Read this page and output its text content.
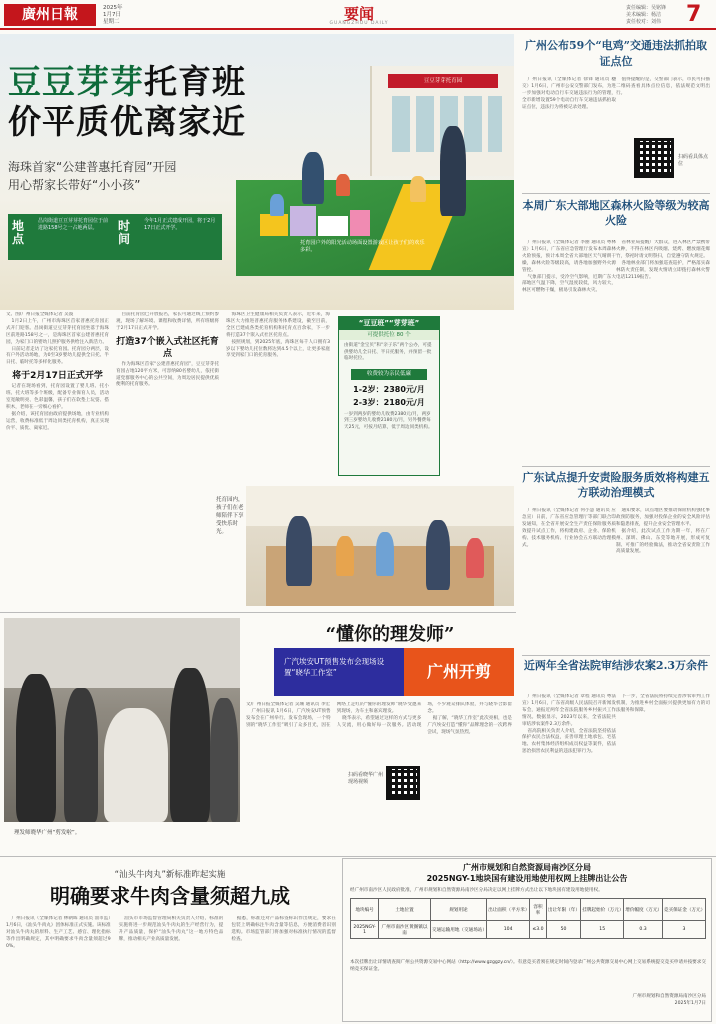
廣州日報	2025年
1月7日
星期二	要闻
GUANGZHOU DAILY
责任编辑：吴铭锋
美术编辑：杨洁
责任校对：刘伟 7
豆豆芽芽托育园
托育园户外的阳光活动场面设置游戏区让孩子们的欢乐多彩。
豆豆芽芽托育班
价平质优离家近
海珠首家“公建普惠托育园”开园
用心帮家长带好“小小孩”
地点
昌岗街道豆豆芽芽托育园位于前进路158号之一占地两层。	时间
今年1月正式建成开园，将于2月17日正式开学。

文、图/广州日报全媒体记者 吴波

1月2日上午，广州市海珠区首家普惠托育园正式开门迎客。昌岗街道豆豆芽芽托育园坐落于海珠区前进路158号之一，是海珠区首家公建普惠托育园，为家门口的婴幼儿照护服务供给注入新活力。

日前记者走访了这家托育园。托育园分两层，设有户外活动场地，为0至3岁婴幼儿提供全日托、半日托、临时托等多样化服务。

将于2月17日正式开学

记者在现场看到，托育园设置了婴儿班、托小班、托大班等多个班级，配备专业保育人员，活动室宽敞明亮、色彩温馨，孩子们在软垫上玩耍、搭积木，老师在一旁细心看护。

据介绍，该托育园由政府提供场地，由专业机构运营，收费标准低于周边同类托育机构，真正实现价平、质优、离家近。

目前托育园已开放报名，家长可通过线上预约参观，现场了解环境、课程和收费详情，所有班级将于2月17日正式开学。

打造37个嵌入式社区托育点

作为海珠区首家“公建普惠托育园”，豆豆芽芽托育园占地120平方米，可容纳80名婴幼儿，依托街道党群服务中心的公共空间，为周边居民提供优质便利的托育服务。

海珠区卫生健康局相关负责人表示，近年来，海珠区大力推进普惠托育服务体系建设，截至目前，全区已建成各类托育机构和托育点百余家，下一步将打造37个嵌入式社区托育点。

按照规划，到2025年底，海珠区每千人口拥有3岁以下婴幼儿托位数将达到4.5个以上，让更多家庭享受到家门口的托育服务。

“豆豆班”“芽芽班”
可提供托位 80 个
由街道“金宝贝”和“亲子乐”两个公办，可提供婴幼儿全日托、半日托服务，并预留一批临时托位。
收费较为亲民低廉
1-2岁：2380元/月
2-3岁：2180元/月
一岁到两岁的婴幼儿收费2380元/月，两岁到三岁婴幼儿收费2180元/月，另外餐费每天25元，可按月结算，低于周边同类机构。
托育园内，孩子们在老师陪伴下享受快乐时光。
广州公布59个“电鸡”交通违法抓拍取证点位

广州日报讯（全媒体记者 徐锋 通讯员 穗交）1月6日，广州市公安交警部门发布，为进一步加强对电动自行车交通违法行为的管理，全市新增设置59个电动自行车交通违法抓拍取证点位，违法行为将被记录处理。

值得提醒的是，交警部门表示，市民可扫描二维码查看具体点位信息，依法规范文明出行。

扫码看具体点位
本周广东大部地区森林火险等级为较高火险

广州日报讯（全媒体记者 李丽 通讯员 粤林宣）1月6日，广东省应急管理厅发布本周森林火险预报，预计本周全省大部地区天气晴朗干燥，森林火险等级较高，请各地加强野外火源管控。

气象部门提示，受冷空气影响，近期广东大部地区气温下降，空气湿度较低，风力较大，林区可燃物干燥，极易引发森林火灾。

省林业局提醒广大群众，进入林区严禁携带火种，不得在林区内吸烟、烧烤、燃放烟花爆竹，祭祀时请文明祭扫，自觉遵守防火规定。

各地林业部门将加强巡查巡护，严格落实森林防火责任制，发现火情请立即拨打森林火警电话12119报告。

广东试点提升安责险服务质效将构建五方联动治理模式

广州日报讯（全媒体记者 何小慧 通讯员 应急宣）日前，广东省应急管理厅等部门联合印发通知，在全省开展安全生产责任保险服务质效提升试点工作，将构建政府、企业、保险机构、技术服务机构、行业协会五方联动治理模式。

通知要求，试点地区要推动保险机构强化事故预防服务，加强对投保企业的安全风险评估和隐患排查，提升企业安全管理水平。

据介绍，此次试点工作为期一年，将在广州、深圳、佛山、东莞等地开展，形成可复制、可推广的经验做法，推动全省安责险工作高质量发展。

近两年全省法院审结涉农案2.3万余件

广州日报讯（全媒体记者 章程 通讯员 粤法宣）1月6日，广东省高级人民法院召开新闻发布会，通报近两年全省法院服务乡村振兴工作情况。数据显示，2023年以来，全省法院共审结涉农案件2.3万余件。

省高院相关负责人介绍，全省法院坚持依法保护农民合法权益，妥善审理土地承包、宅基地、农村集体经济组织成员权益等案件，依法惩治损害农民利益的违法犯罪行为。

下一步，全省法院将持续完善涉农审判工作机制，为推进乡村全面振兴提供更加有力的司法服务和保障。

理发师晓华广州“剪发啦”。
“懂你的理发师”
广汽埃安UT预售发布会现场设置“晓华工作室”	广州开剪

文/广州日报全媒体记者 吴珊 通讯员 李宏

广州日报讯 1月6日，广汽埃安UT预售发布会在广州举行。发布会现场，一个特别的“晓华工作室”吸引了众多目光，因在网络上走红的“懂你的理发师”晓华受邀来到现场，为车主和嘉宾理发。

晓华表示，希望通过这样的方式与更多人交流，用心做好每一次服务。活动现场，不少观众排队体验，并与晓华合影留念。

据了解，“晓华工作室”此次亮相，也是广汽埃安打造“懂你”品牌理念的一次跨界尝试，现场气氛热烈。

扫码看晓华广州现场视频
“汕头牛肉丸”新标准昨起实施
明确要求牛肉含量须超九成

广州日报讯（全媒体记者 林朝晖 通讯员 汕市监）1月6日，《汕头牛肉丸》团体标准正式实施。该标准对汕头牛肉丸的原料、生产工艺、感官、理化指标等作出明确规定，其中明确要求牛肉含量须超过90%。

汕头市市场监督管理局相关负责人介绍，标准的实施将进一步规范汕头牛肉丸的生产经营行为，提升产品质量，保护“汕头牛肉丸”这一地方特色品牌，推动相关产业高质量发展。

据悉，标准还对产品标签标识作出规定，要求在包装上明确标注牛肉含量等信息，方便消费者识别选购。市场监管部门将加强对标准执行情况的监督检查。

广州市规划和自然资源局南沙区分局
2025NGY-1地块国有建设用地使用权网上挂牌出让公告
经广州市南沙区人民政府批准，广州市规划和自然资源局南沙区分局决定以网上挂牌方式出让以下地块国有建设用地使用权。
地块编号	土地位置	规划用途	出让面积（平方米）	容积率	出让年限（年）	挂牌起始价（万元）	增价幅度（万元）	竞买保证金（万元）
2025NGY-1	广州市南沙区黄阁镇以南	交通运输用地（交通场站）	104	≤3.0	50	15	0.3	3
本次挂牌出让详情请查阅广州公共资源交易中心网站（http://www.gzggzy.cn/）。有意竞买者须在规定时间内登录广州公共资源交易中心网上交易系统提交竞买申请并按要求交纳竞买保证金。
广州市规划和自然资源局南沙区分局
2025年1月7日
